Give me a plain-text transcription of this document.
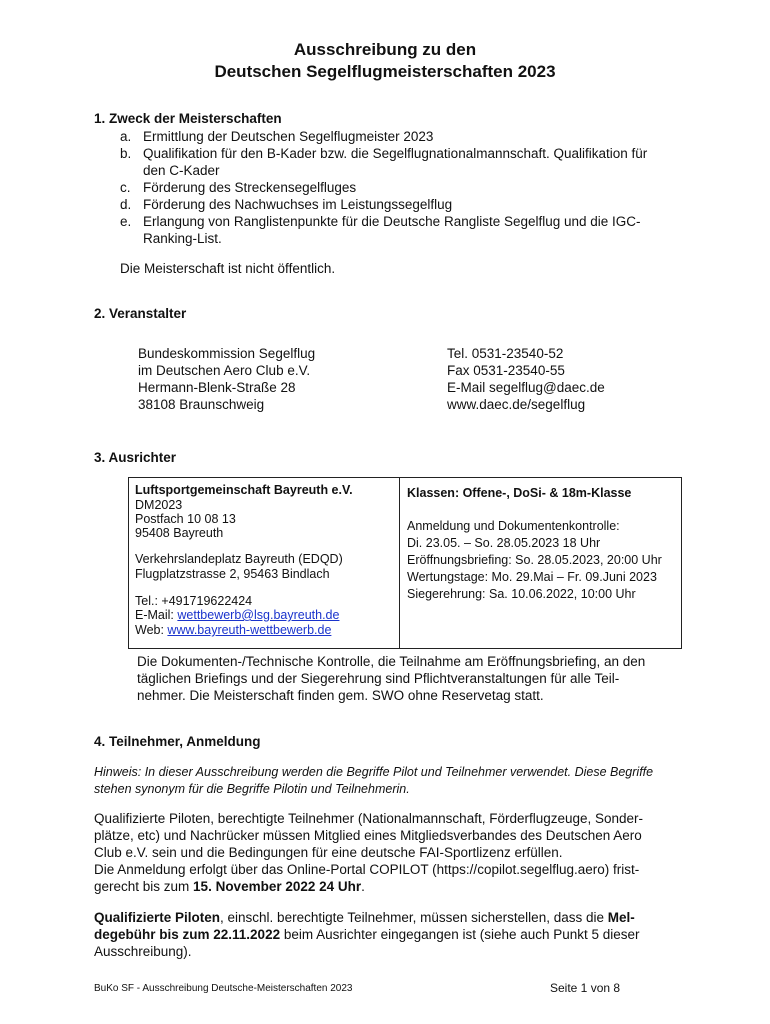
Ausschreibung zu den
Deutschen Segelflugmeisterschaften 2023
1. Zweck der Meisterschaften
a. Ermittlung der Deutschen Segelflugmeister 2023
b. Qualifikation für den B-Kader bzw. die Segelflugnationalmannschaft. Qualifikation für
den C-Kader
c. Förderung des Streckensegelfluges
d. Förderung des Nachwuchses im Leistungssegelflug
e. Erlangung von Ranglistenpunkte für die Deutsche Rangliste Segelflug und die IGC-
Ranking-List.
Die Meisterschaft ist nicht öffentlich.
2. Veranstalter
Bundeskommission Segelflug
im Deutschen Aero Club e.V.
Hermann-Blenk-Straße 28
38108 Braunschweig
Tel. 0531-23540-52
Fax 0531-23540-55
E-Mail segelflug@daec.de
www.daec.de/segelflug
3. Ausrichter
Luftsportgemeinschaft Bayreuth e.V.
DM2023
Postfach 10 08 13
95408 Bayreuth
Verkehrslandeplatz Bayreuth (EDQD)
Flugplatzstrasse 2, 95463 Bindlach
Tel.: +491719622424
E-Mail: wettbewerb@lsg.bayreuth.de
Web: www.bayreuth-wettbewerb.de
Klassen: Offene-, DoSi- & 18m-Klasse
Anmeldung und Dokumentenkontrolle:
Di. 23.05. – So. 28.05.2023 18 Uhr
Eröffnungsbriefing: So. 28.05.2023, 20:00 Uhr
Wertungstage: Mo. 29.Mai – Fr. 09.Juni 2023
Siegerehrung: Sa. 10.06.2022, 10:00 Uhr
Die Dokumenten-/Technische Kontrolle, die Teilnahme am Eröffnungsbriefing, an den
täglichen Briefings und der Siegerehrung sind Pflichtveranstaltungen für alle Teil-
nehmer. Die Meisterschaft finden gem. SWO ohne Reservetag statt.
4. Teilnehmer, Anmeldung
Hinweis: In dieser Ausschreibung werden die Begriffe Pilot und Teilnehmer verwendet. Diese Begriffe
stehen synonym für die Begriffe Pilotin und Teilnehmerin.
Qualifizierte Piloten, berechtigte Teilnehmer (Nationalmannschaft, Förderflugzeuge, Sonder-
plätze, etc) und Nachrücker müssen Mitglied eines Mitgliedsverbandes des Deutschen Aero
Club e.V. sein und die Bedingungen für eine deutsche FAI-Sportlizenz erfüllen.
Die Anmeldung erfolgt über das Online-Portal COPILOT (https://copilot.segelflug.aero) frist-
gerecht bis zum 15. November 2022 24 Uhr.
Qualifizierte Piloten, einschl. berechtigte Teilnehmer, müssen sicherstellen, dass die Mel-
degebühr bis zum 22.11.2022 beim Ausrichter eingegangen ist (siehe auch Punkt 5 dieser
Ausschreibung).
BuKo SF - Ausschreibung Deutsche-Meisterschaften 2023	Seite 1 von 8
